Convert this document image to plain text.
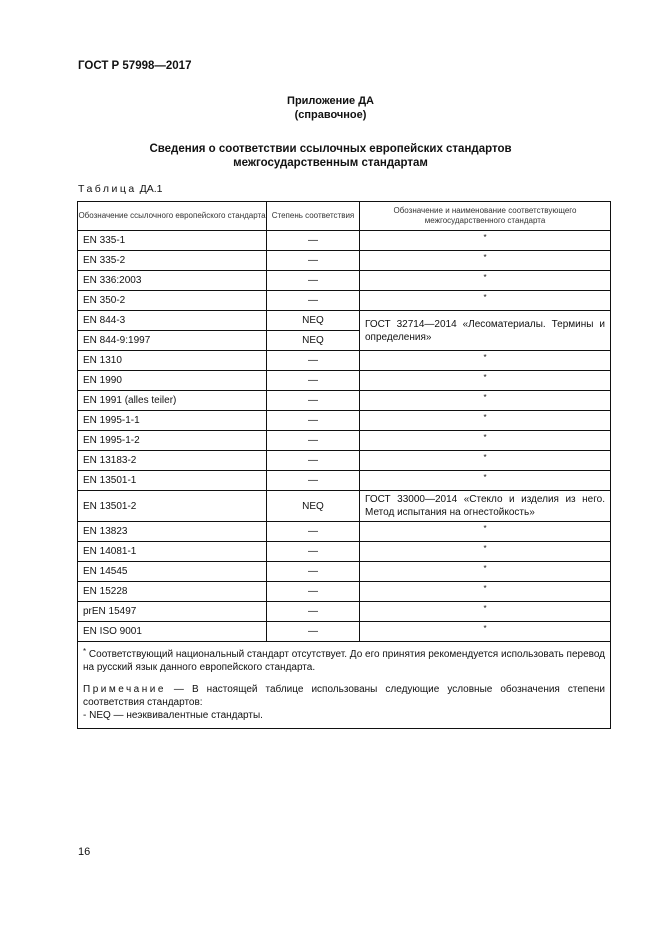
ГОСТ Р 57998—2017
Приложение ДА
(справочное)
Сведения о соответствии ссылочных европейских стандартов
межгосударственным стандартам
Таблица ДА.1
Обозначение ссылочного европейского стандарта	Степень соответствия	Обозначение и наименование соответствующего межгосударственного стандарта
EN 335-1	—	*
EN 335-2	—	*
EN 336:2003	—	*
EN 350-2	—	*
EN 844-3	NEQ	ГОСТ 32714—2014 «Лесоматериалы. Термины и определения»
EN 844-9:1997	NEQ	
EN 1310	—	*
EN 1990	—	*
EN 1991 (alles teiler)	—	*
EN 1995-1-1	—	*
EN 1995-1-2	—	*
EN 13183-2	—	*
EN 13501-1	—	*
EN 13501-2	NEQ	ГОСТ 33000—2014 «Стекло и изделия из него. Метод испытания на огнестойкость»
EN 13823	—	*
EN 14081-1	—	*
EN 14545	—	*
EN 15228	—	*
prEN 15497	—	*
EN ISO 9001	—	*

* Соответствующий национальный стандарт отсутствует. До его принятия рекомендуется использовать перевод на русский язык данного европейского стандарта.

Примечание — В настоящей таблице использованы следующие условные обозначения степени соответствия стандартов:

- NEQ — неэквивалентные стандарты.		

16
